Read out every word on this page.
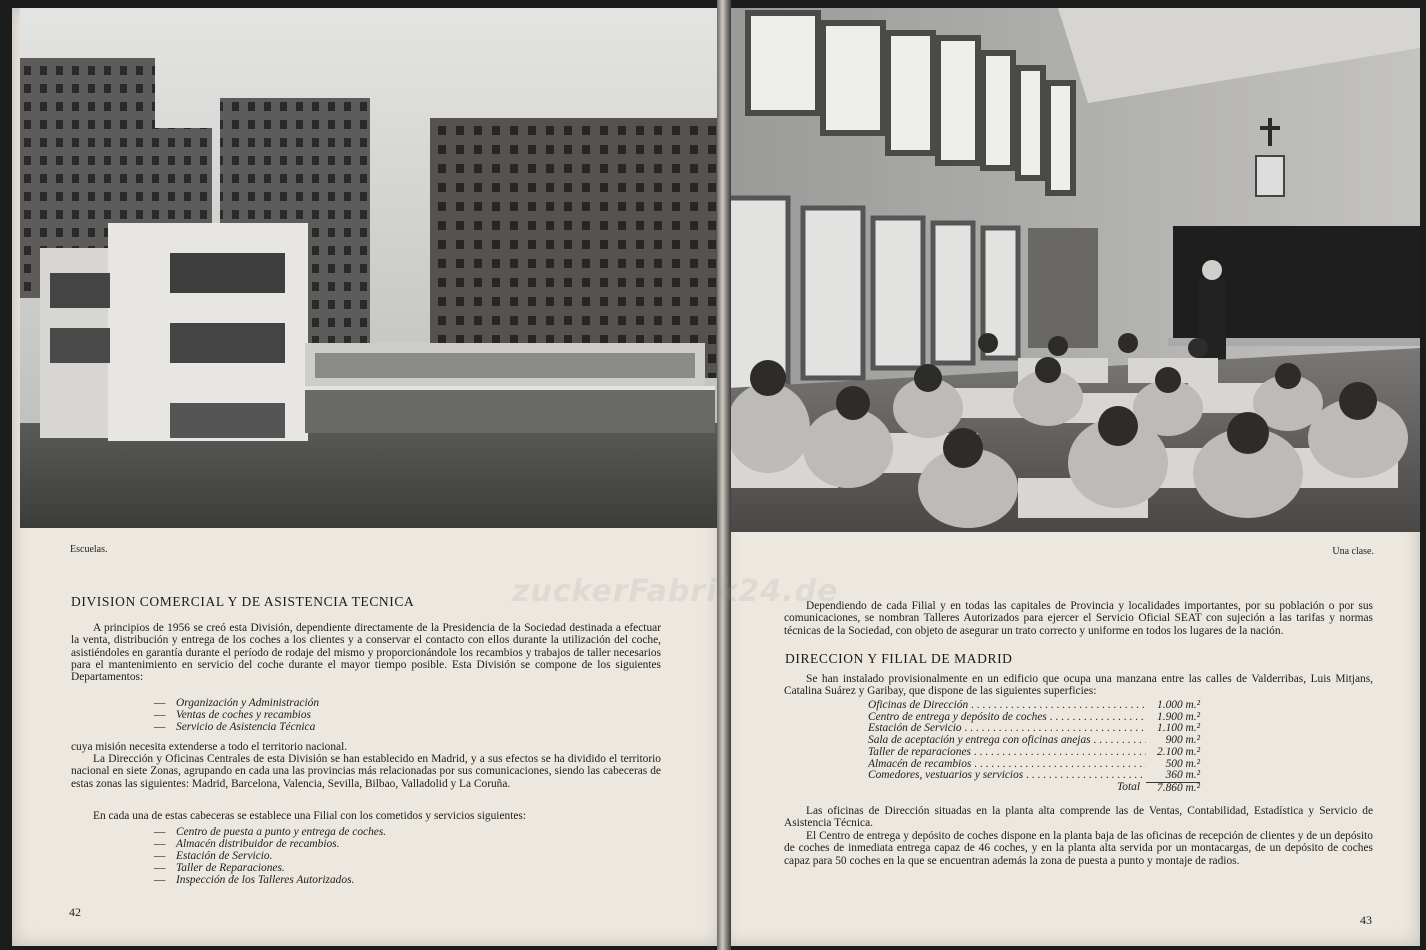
Escuelas.
DIVISION COMERCIAL Y DE ASISTENCIA TECNICA

A principios de 1956 se creó esta División, dependiente directamente de la Presidencia de la Sociedad destinada a efectuar la venta, distribución y entrega de los coches a los clientes y a conservar el contacto con ellos durante la utilización del coche, asistiéndoles en garantía durante el período de rodaje del mismo y proporcionándole los recambios y trabajos de taller necesarios para el mantenimiento en servicio del coche durante el mayor tiempo posible. Esta División se compone de los siguientes Departamentos:

— Organización y Administración
— Ventas de coches y recambios
— Servicio de Asistencia Técnica

cuya misión necesita extenderse a todo el territorio nacional.

La Dirección y Oficinas Centrales de esta División se han establecido en Madrid, y a sus efectos se ha dividido el territorio nacional en siete Zonas, agrupando en cada una las provincias más relacionadas por sus comunicaciones, siendo las cabeceras de estas zonas las siguientes: Madrid, Barcelona, Valencia, Sevilla, Bilbao, Valladolid y La Coruña.

En cada una de estas cabeceras se establece una Filial con los cometidos y servicios siguientes:

— Centro de puesta a punto y entrega de coches.
— Almacén distribuidor de recambios.
— Estación de Servicio.
— Taller de Reparaciones.
— Inspección de los Talleres Autorizados.
42
Una clase.

Dependiendo de cada Filial y en todas las capitales de Provincia y localidades importantes, por su población o por sus comunicaciones, se nombran Talleres Autorizados para ejercer el Servicio Oficial SEAT con sujeción a las tarifas y normas técnicas de la Sociedad, con objeto de asegurar un trato correcto y uniforme en todos los lugares de la nación.

DIRECCION Y FILIAL DE MADRID

Se han instalado provisionalmente en un edificio que ocupa una manzana entre las calles de Valderribas, Luis Mitjans, Catalina Suárez y Garibay, que dispone de las siguientes superficies:

Oficinas de Dirección . . .	1.000 m.²
Centro de entrega y depósito de coches . . .	1.900 m.²
Estación de Servicio . . .	1.100 m.²
Sala de aceptación y entrega con oficinas anejas . . .	900 m.²
Taller de reparaciones . . .	2.100 m.²
Almacén de recambios . . .	500 m.²
Comedores, vestuarios y servicios . . .	360 m.²
Total	7.860 m.²

Las oficinas de Dirección situadas en la planta alta comprende las de Ventas, Contabilidad, Estadística y Servicio de Asistencia Técnica.

El Centro de entrega y depósito de coches dispone en la planta baja de las oficinas de recepción de clientes y de un depósito de coches de inmediata entrega capaz de 46 coches, y en la planta alta servida por un montacargas, de un depósito de coches capaz para 50 coches en la que se encuentran además la zona de puesta a punto y montaje de radios.

43
zuckerFabrik24.de
